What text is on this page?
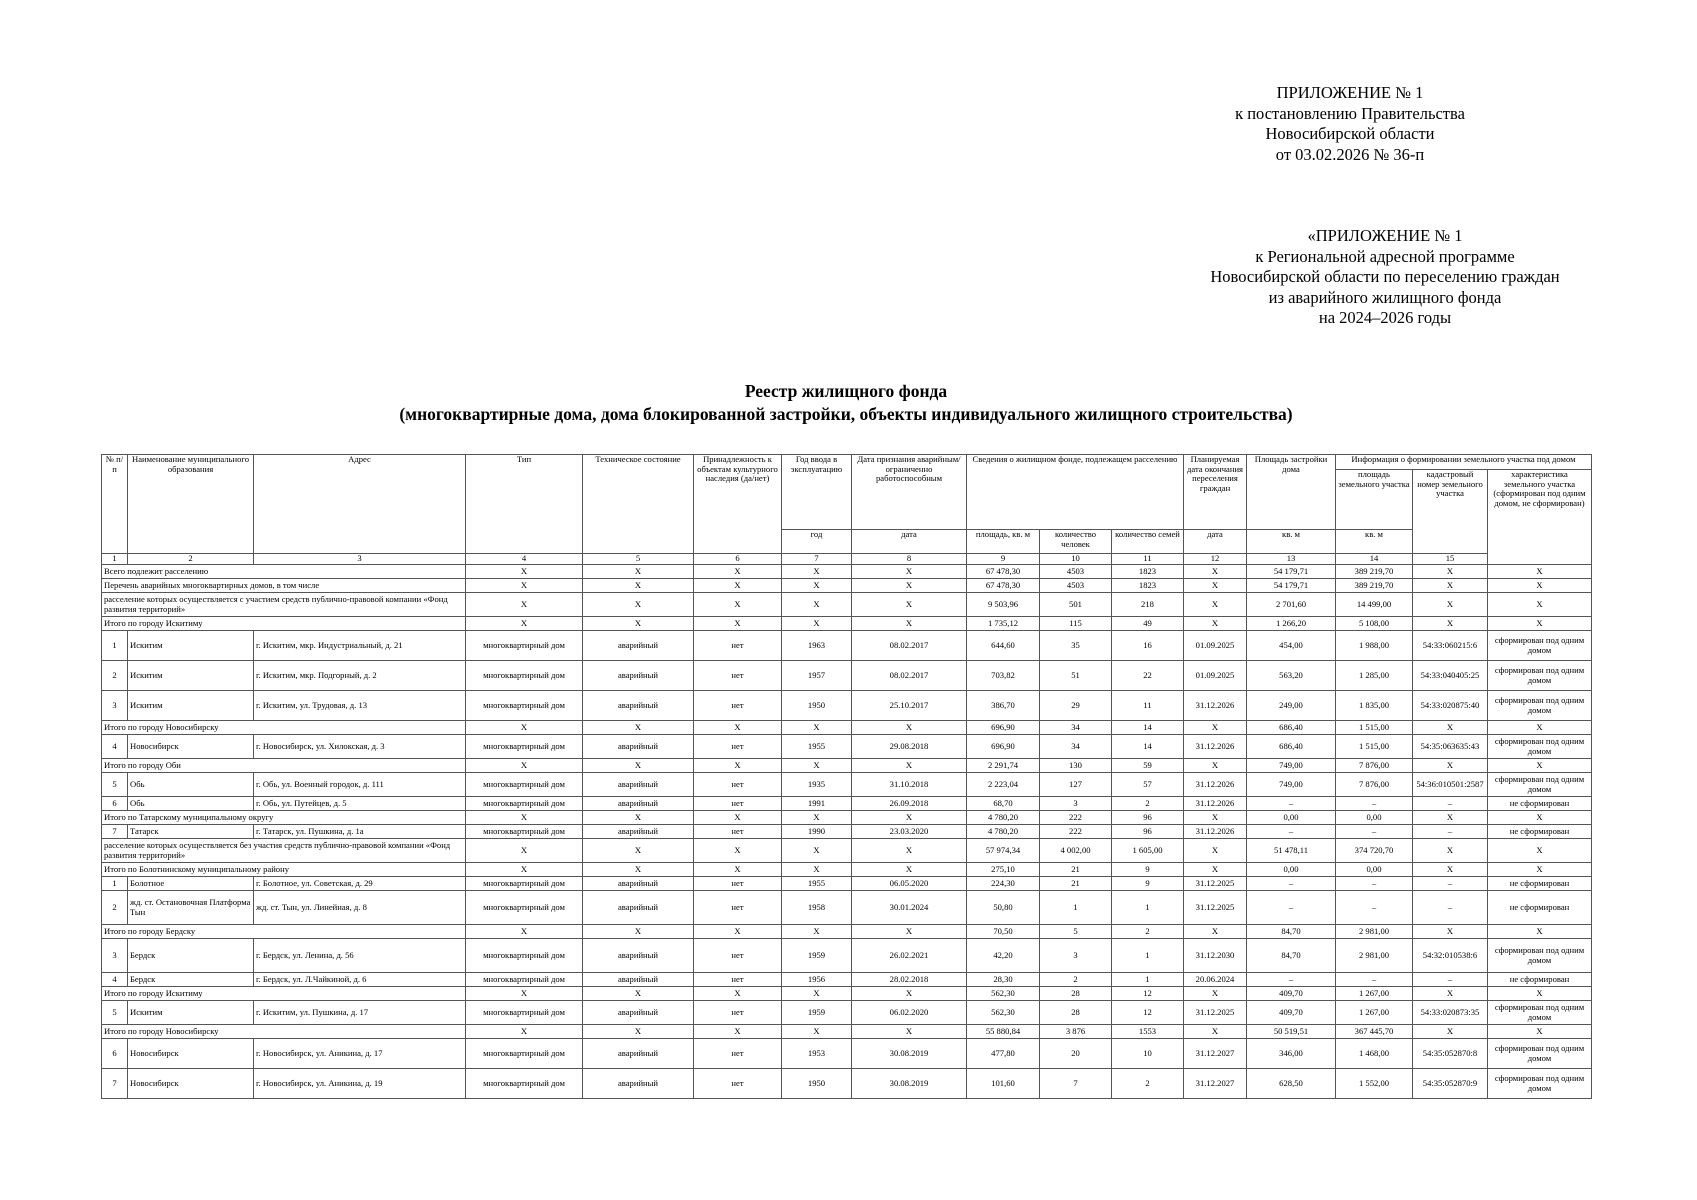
ПРИЛОЖЕНИЕ № 1
к постановлению Правительства
Новосибирской области
от 03.02.2026 № 36-п
«ПРИЛОЖЕНИЕ № 1
к Региональной адресной программе
Новосибирской области по переселению граждан
из аварийного жилищного фонда
на 2024–2026 годы
Реестр жилищного фонда
(многоквартирные дома, дома блокированной застройки, объекты индивидуального жилищного строительства)
№ п/п	Наименование муниципального образования	Адрес	Тип	Техническое состояние	Принадлежность к объектам культурного наследия (да/нет)	Год ввода в эксплуатацию	Дата признания аварийным/ограниченно работоспособным	Сведения о жилищном фонде, подлежащем расселению			Планируемая дата окончания переселения граждан	Площадь застройки дома	Информация о формировании земельного участка под домом		
													площадь земельного участка	кадастровый номер земельного участка	характеристика земельного участка (сформирован под одним домом, не сформирован)
						год	дата	площадь, кв. м	количество человек	количество семей	дата	кв. м	кв. м		
1	2	3	4	5	6	7	8	9	10	11	12	13	14	15	
Всего подлежит расселению			X	X	X	X	X	67 478,30	4503	1823	X	54 179,71	389 219,70	X	X
Перечень аварийных многоквартирных домов, в том числе			X	X	X	X	X	67 478,30	4503	1823	X	54 179,71	389 219,70	X	X
расселение которых осуществляется с участием средств публично-правовой компании «Фонд развития территорий»			X	X	X	X	X	9 503,96	501	218	X	2 701,60	14 499,00	X	X
Итого по городу Искитиму			X	X	X	X	X	1 735,12	115	49	X	1 266,20	5 108,00	X	X
1	Искитим	г. Искитим, мкр. Индустриальный, д. 21	многоквартирный дом	аварийный	нет	1963	08.02.2017	644,60	35	16	01.09.2025	454,00	1 988,00	54:33:060215:6	сформирован под одним домом
2	Искитим	г. Искитим, мкр. Подгорный, д. 2	многоквартирный дом	аварийный	нет	1957	08.02.2017	703,82	51	22	01.09.2025	563,20	1 285,00	54:33:040405:25	сформирован под одним домом
3	Искитим	г. Искитим, ул. Трудовая, д. 13	многоквартирный дом	аварийный	нет	1950	25.10.2017	386,70	29	11	31.12.2026	249,00	1 835,00	54:33:020875:40	сформирован под одним домом
Итого по городу Новосибирску			X	X	X	X	X	696,90	34	14	X	686,40	1 515,00	X	X
4	Новосибирск	г. Новосибирск, ул. Хилокская, д. 3	многоквартирный дом	аварийный	нет	1955	29.08.2018	696,90	34	14	31.12.2026	686,40	1 515,00	54:35:063635:43	сформирован под одним домом
Итого по городу Оби			X	X	X	X	X	2 291,74	130	59	X	749,00	7 876,00	X	X
5	Обь	г. Обь, ул. Военный городок, д. 111	многоквартирный дом	аварийный	нет	1935	31.10.2018	2 223,04	127	57	31.12.2026	749,00	7 876,00	54:36:010501:2587	сформирован под одним домом
6	Обь	г. Обь, ул. Путейцев, д. 5	многоквартирный дом	аварийный	нет	1991	26.09.2018	68,70	3	2	31.12.2026	–	–	–	не сформирован
Итого по Татарскому муниципальному округу			X	X	X	X	X	4 780,20	222	96	X	0,00	0,00	X	X
7	Татарск	г. Татарск, ул. Пушкина, д. 1а	многоквартирный дом	аварийный	нет	1990	23.03.2020	4 780,20	222	96	31.12.2026	–	–	–	не сформирован
расселение которых осуществляется без участия средств публично-правовой компании «Фонд развития территорий»			X	X	X	X	X	57 974,34	4 002,00	1 605,00	X	51 478,11	374 720,70	X	X
Итого по Болотнинскому муниципальному району			X	X	X	X	X	275,10	21	9	X	0,00	0,00	X	X
1	Болотное	г. Болотное, ул. Советская, д. 29	многоквартирный дом	аварийный	нет	1955	06.05.2020	224,30	21	9	31.12.2025	–	–	–	не сформирован
2	жд. ст. Остановочная Платформа Тын	жд. ст. Тын, ул. Линейная, д. 8	многоквартирный дом	аварийный	нет	1958	30.01.2024	50,80	1	1	31.12.2025	–	–	–	не сформирован
Итого по городу Бердску			X	X	X	X	X	70,50	5	2	X	84,70	2 981,00	X	X
3	Бердск	г. Бердск, ул. Ленина, д. 56	многоквартирный дом	аварийный	нет	1959	26.02.2021	42,20	3	1	31.12.2030	84,70	2 981,00	54:32:010538:6	сформирован под одним домом
4	Бердск	г. Бердск, ул. Л.Чайкиной, д. 6	многоквартирный дом	аварийный	нет	1956	28.02.2018	28,30	2	1	20.06.2024	–	–	–	не сформирован
Итого по городу Искитиму			X	X	X	X	X	562,30	28	12	X	409,70	1 267,00	X	X
5	Искитим	г. Искитим, ул. Пушкина, д. 17	многоквартирный дом	аварийный	нет	1959	06.02.2020	562,30	28	12	31.12.2025	409,70	1 267,00	54:33:020873:35	сформирован под одним домом
Итого по городу Новосибирску			X	X	X	X	X	55 880,84	3 876	1553	X	50 519,51	367 445,70	X	X
6	Новосибирск	г. Новосибирск, ул. Аникина, д. 17	многоквартирный дом	аварийный	нет	1953	30.08.2019	477,80	20	10	31.12.2027	346,00	1 468,00	54:35:052870:8	сформирован под одним домом
7	Новосибирск	г. Новосибирск, ул. Аникина, д. 19	многоквартирный дом	аварийный	нет	1950	30.08.2019	101,60	7	2	31.12.2027	628,50	1 552,00	54:35:052870:9	сформирован под одним домом
